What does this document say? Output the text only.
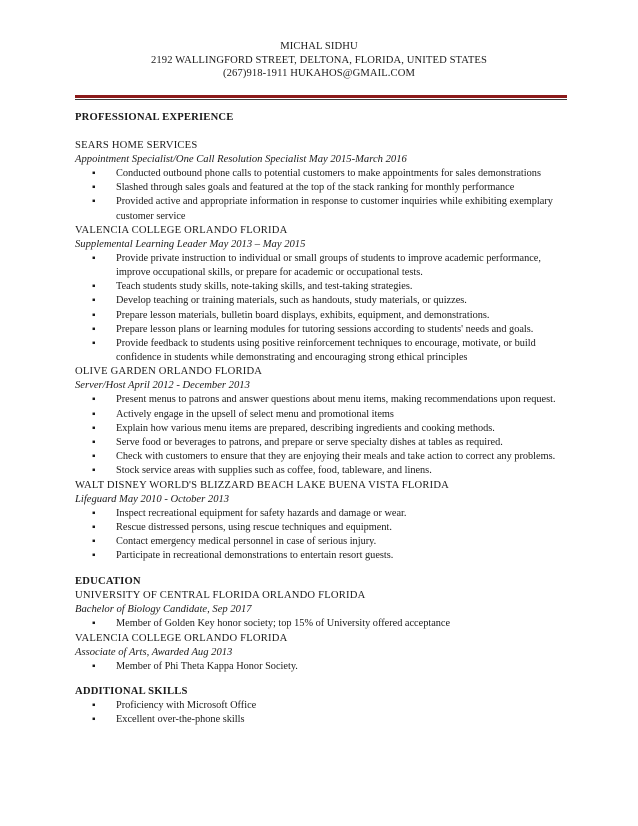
MICHAL SIDHU
2192 WALLINGFORD STREET, DELTONA, FLORIDA, UNITED STATES
(267)918-1911 HUKAHOS@GMAIL.COM
PROFESSIONAL EXPERIENCE
SEARS HOME SERVICES
Appointment Specialist/One Call Resolution Specialist May 2015-March 2016
▪ Conducted outbound phone calls to potential customers to make appointments for sales demonstrations
▪ Slashed through sales goals and featured at the top of the stack ranking for monthly performance
▪ Provided active and appropriate information in response to customer inquiries while exhibiting exemplary customer service
VALENCIA COLLEGE ORLANDO FLORIDA
Supplemental Learning Leader May 2013 – May 2015
▪ Provide private instruction to individual or small groups of students to improve academic performance, improve occupational skills, or prepare for academic or occupational tests.
▪ Teach students study skills, note-taking skills, and test-taking strategies.
▪ Develop teaching or training materials, such as handouts, study materials, or quizzes.
▪ Prepare lesson materials, bulletin board displays, exhibits, equipment, and demonstrations.
▪ Prepare lesson plans or learning modules for tutoring sessions according to students' needs and goals.
▪ Provide feedback to students using positive reinforcement techniques to encourage, motivate, or build confidence in students while demonstrating and encouraging strong ethical principles
OLIVE GARDEN ORLANDO FLORIDA
Server/Host April 2012 - December 2013
▪ Present menus to patrons and answer questions about menu items, making recommendations upon request.
▪ Actively engage in the upsell of select menu and promotional items
▪ Explain how various menu items are prepared, describing ingredients and cooking methods.
▪ Serve food or beverages to patrons, and prepare or serve specialty dishes at tables as required.
▪ Check with customers to ensure that they are enjoying their meals and take action to correct any problems.
▪ Stock service areas with supplies such as coffee, food, tableware, and linens.
WALT DISNEY WORLD'S BLIZZARD BEACH LAKE BUENA VISTA FLORIDA
Lifeguard May 2010 - October 2013
▪ Inspect recreational equipment for safety hazards and damage or wear.
▪ Rescue distressed persons, using rescue techniques and equipment.
▪ Contact emergency medical personnel in case of serious injury.
▪ Participate in recreational demonstrations to entertain resort guests.
EDUCATION
UNIVERSITY OF CENTRAL FLORIDA ORLANDO FLORIDA
Bachelor of Biology Candidate, Sep 2017
▪ Member of Golden Key honor society; top 15% of University offered acceptance
VALENCIA COLLEGE ORLANDO FLORIDA
Associate of Arts, Awarded Aug 2013
▪ Member of Phi Theta Kappa Honor Society.
ADDITIONAL SKILLS
▪ Proficiency with Microsoft Office
▪ Excellent over-the-phone skills
